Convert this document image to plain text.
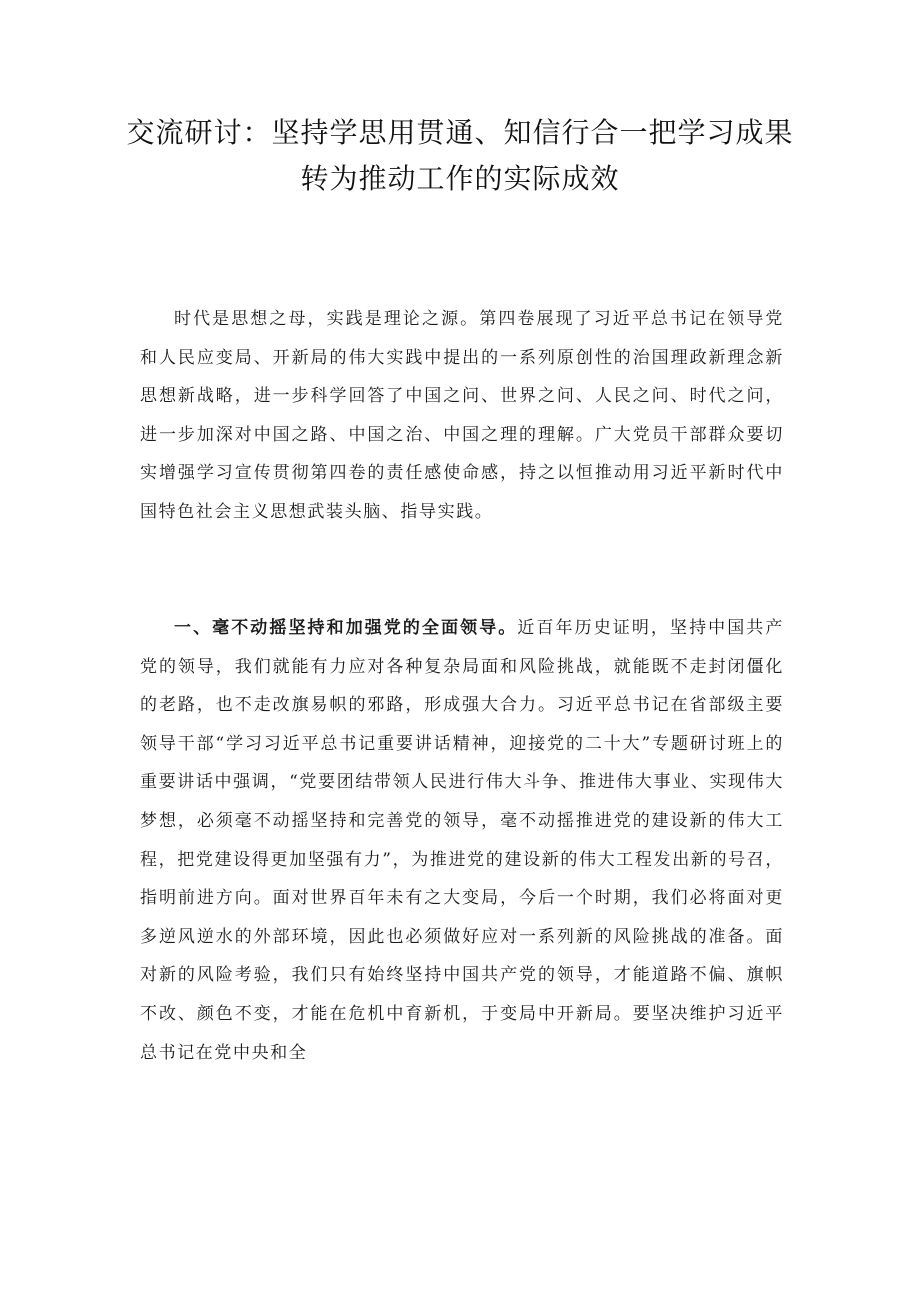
交流研讨：坚持学思用贯通、知信行合一把学习成果
转为推动工作的实际成效

时代是思想之母，实践是理论之源。第四卷展现了习近平总书记在领导党和人民应变局、开新局的伟大实践中提出的一系列原创性的治国理政新理念新思想新战略，进一步科学回答了中国之问、世界之问、人民之问、时代之问，进一步加深对中国之路、中国之治、中国之理的理解。广大党员干部群众要切实增强学习宣传贯彻第四卷的责任感使命感，持之以恒推动用习近平新时代中国特色社会主义思想武装头脑、指导实践。

一、毫不动摇坚持和加强党的全面领导。近百年历史证明，坚持中国共产党的领导，我们就能有力应对各种复杂局面和风险挑战，就能既不走封闭僵化的老路，也不走改旗易帜的邪路，形成强大合力。习近平总书记在省部级主要领导干部“学习习近平总书记重要讲话精神，迎接党的二十大”专题研讨班上的重要讲话中强调，“党要团结带领人民进行伟大斗争、推进伟大事业、实现伟大梦想，必须毫不动摇坚持和完善党的领导，毫不动摇推进党的建设新的伟大工程，把党建设得更加坚强有力”，为推进党的建设新的伟大工程发出新的号召，指明前进方向。面对世界百年未有之大变局，今后一个时期，我们必将面对更多逆风逆水的外部环境，因此也必须做好应对一系列新的风险挑战的准备。面对新的风险考验，我们只有始终坚持中国共产党的领导，才能道路不偏、旗帜不改、颜色不变，才能在危机中育新机，于变局中开新局。要坚决维护习近平总书记在党中央和全
